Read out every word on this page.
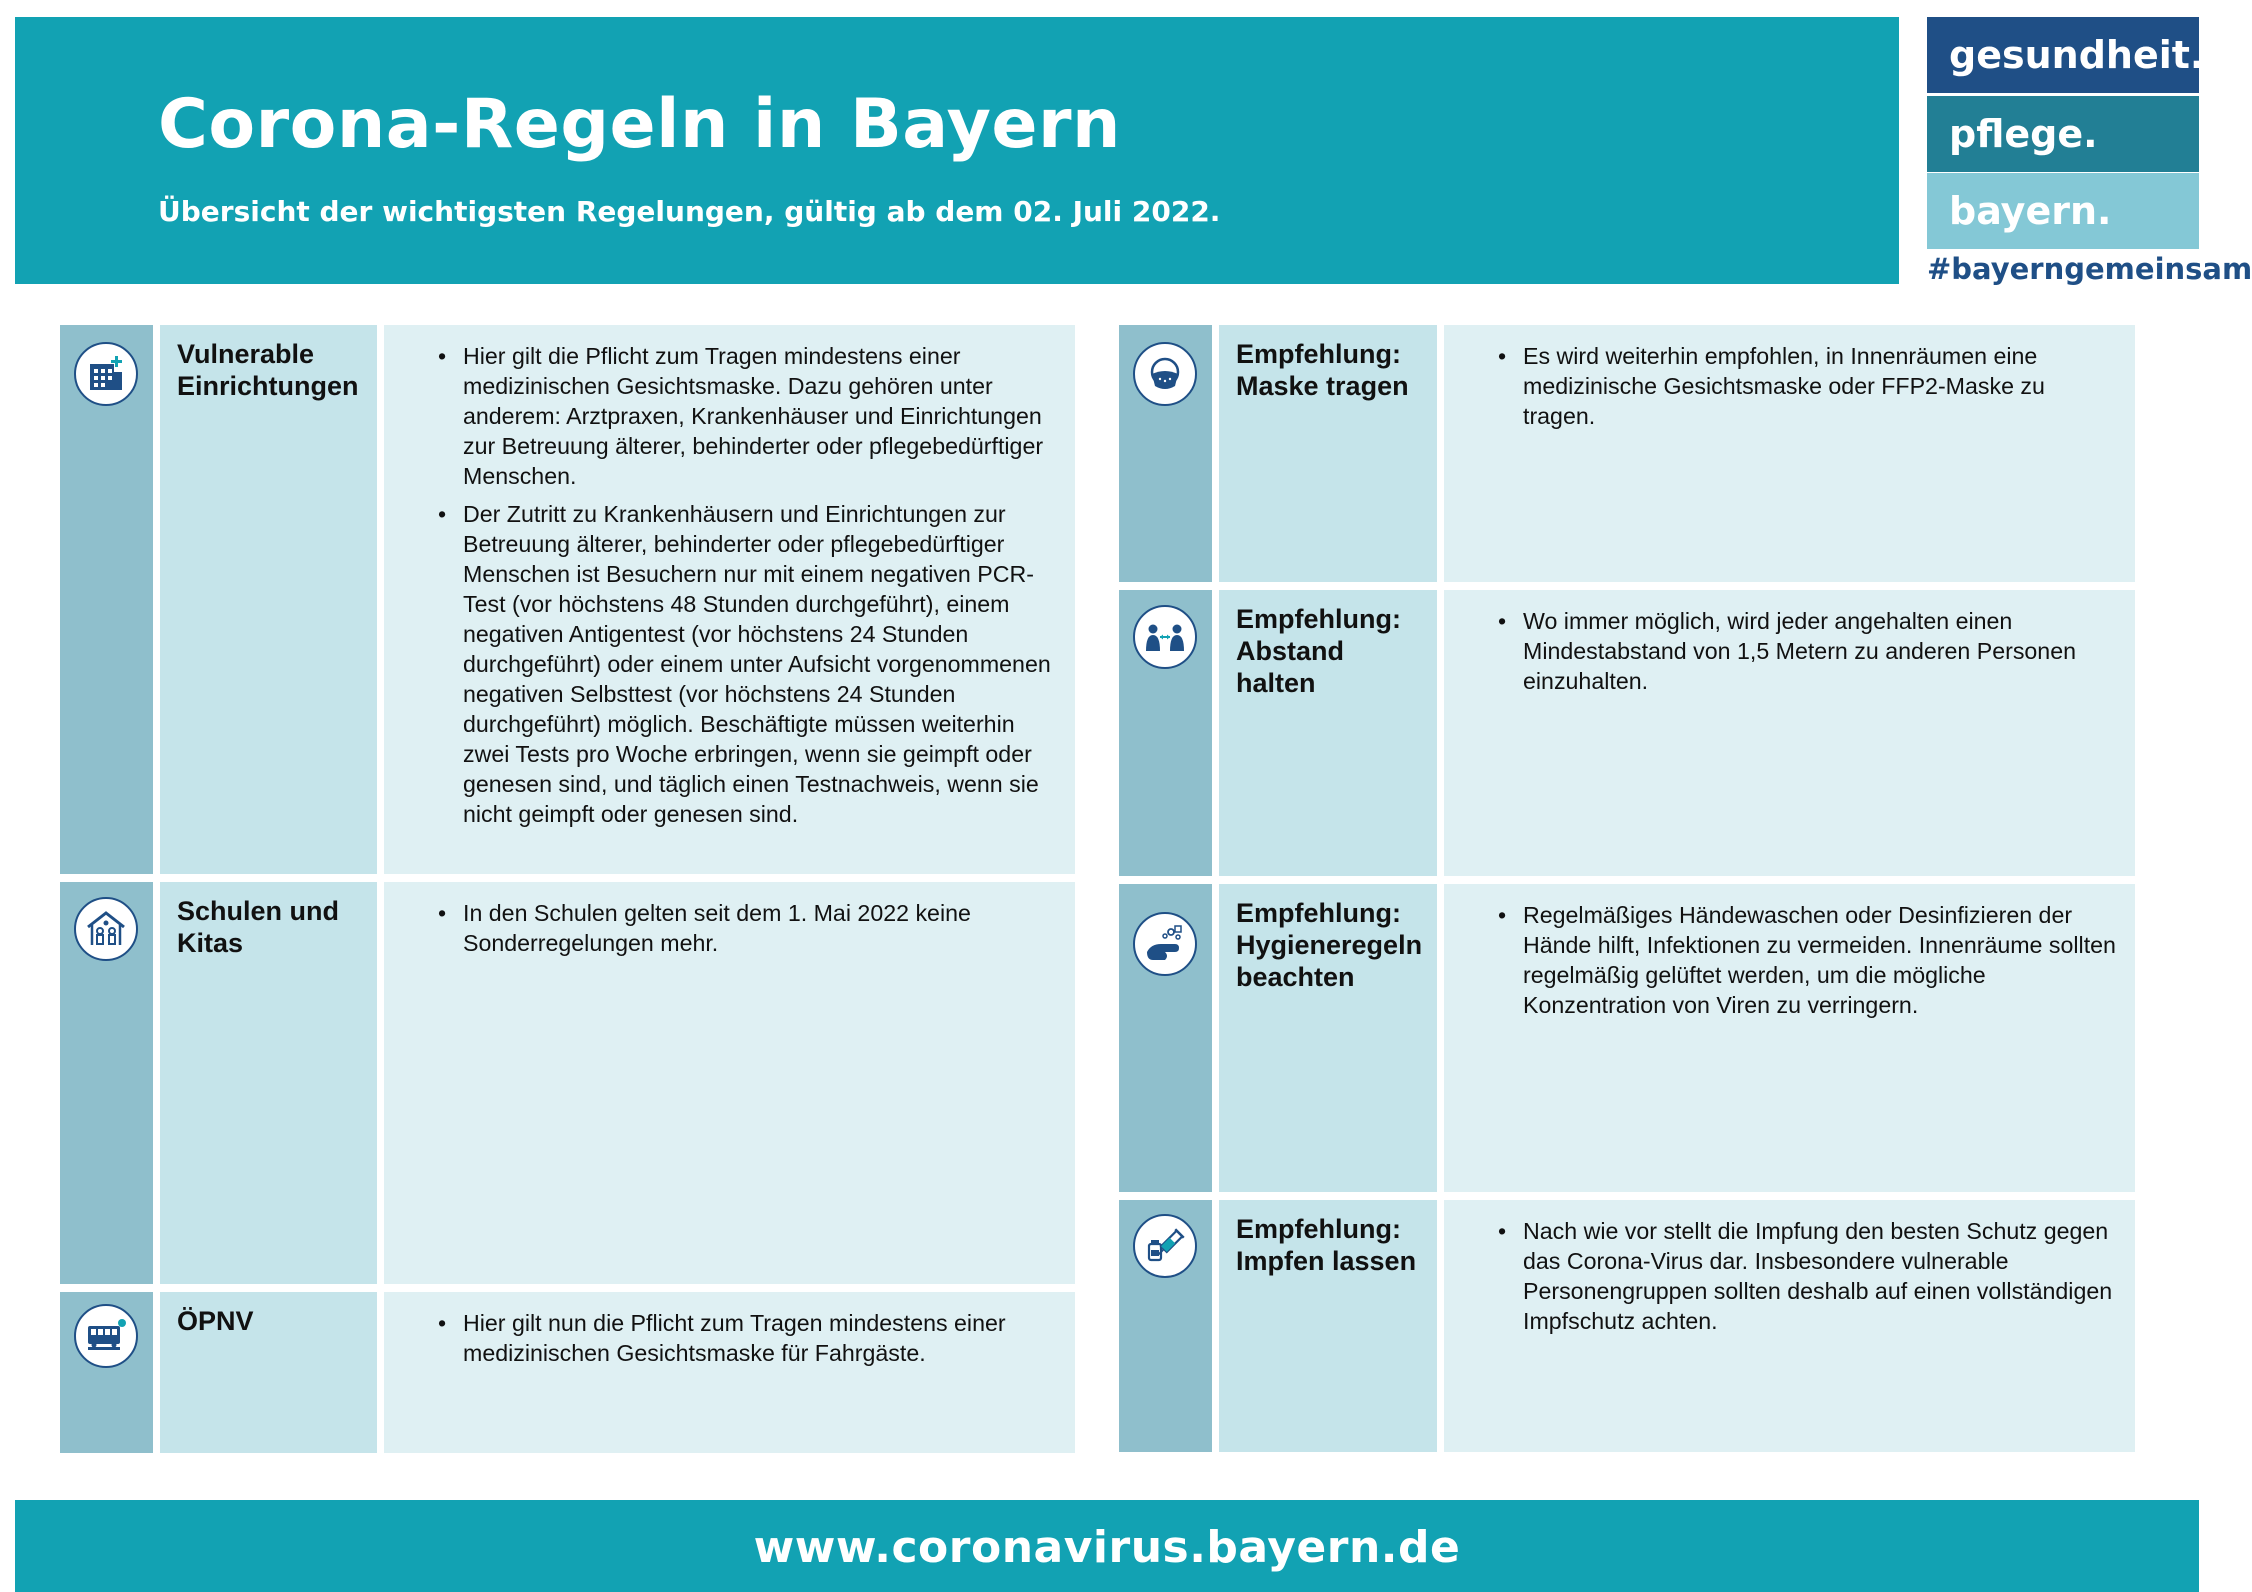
Corona-Regeln in Bayern
Übersicht der wichtigsten Regelungen, gültig ab dem 02. Juli 2022.
gesundheit.
pflege.
bayern.
#bayerngemeinsam
Vulnerable
Einrichtungen
• Hier gilt die Pflicht zum Tragen mindestens einer medizinischen Gesichtsmaske. Dazu gehören unter anderem: Arztpraxen, Krankenhäuser und Einrichtungen zur Betreuung älterer, behinderter oder pflegebedürftiger Menschen.
• Der Zutritt zu Krankenhäusern und Einrichtungen zur Betreuung älterer, behinderter oder pflegebedürftiger Menschen ist Besuchern nur mit einem negativen PCR-Test (vor höchstens 48 Stunden durchgeführt), einem negativen Antigentest (vor höchstens 24 Stunden durchgeführt) oder einem unter Aufsicht vorgenommenen negativen Selbsttest (vor höchstens 24 Stunden durchgeführt) möglich. Beschäftigte müssen weiterhin zwei Tests pro Woche erbringen, wenn sie geimpft oder genesen sind, und täglich einen Testnachweis, wenn sie nicht geimpft oder genesen sind.
Schulen und
Kitas
• In den Schulen gelten seit dem 1. Mai 2022 keine Sonderregelungen mehr.
ÖPNV
•	Hier gilt nun die Pflicht zum Tragen mindestens einer medizinischen Gesichtsmaske für Fahrgäste.
Empfehlung:
Maske tragen
• Es wird weiterhin empfohlen, in Innenräumen eine medizinische Gesichtsmaske oder FFP2-Maske zu tragen.
Empfehlung:
Abstand
halten
• Wo immer möglich, wird jeder angehalten einen Mindestabstand von 1,5 Metern zu anderen Personen einzuhalten.
Empfehlung:
Hygieneregeln
beachten
• Regelmäßiges Händewaschen oder Desinfizieren der Hände hilft, Infektionen zu vermeiden. Innenräume sollten regelmäßig gelüftet werden, um die mögliche Konzentration von Viren zu verringern.
Empfehlung:
Impfen lassen
• Nach wie vor stellt die Impfung den besten Schutz gegen das Corona-Virus dar. Insbesondere vulnerable Personengruppen sollten deshalb auf einen vollständigen Impfschutz achten.
www.coronavirus.bayern.de
